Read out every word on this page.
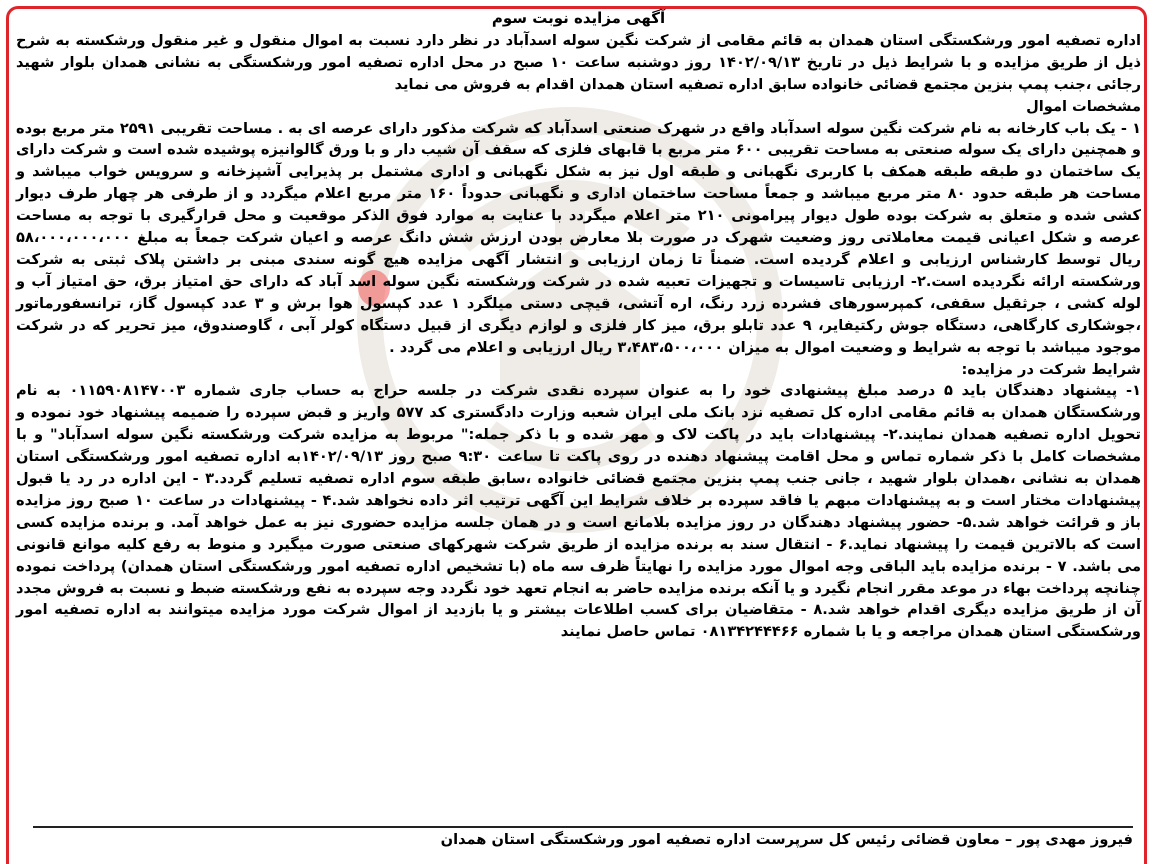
آگهی مزایده نوبت سوم

اداره تصفیه امور ورشکستگی استان همدان به قائم مقامی از شرکت نگین سوله اسدآباد در نظر دارد نسبت به اموال منقول و غیر منقول ورشکسته به شرح ذیل از طریق مزایده و با شرایط ذیل در تاریخ ۱۴۰۲/۰۹/۱۳ روز دوشنبه ساعت ۱۰ صبح در محل اداره تصفیه امور ورشکستگی به نشانی همدان بلوار شهید رجائی ،جنب پمپ بنزین مجتمع قضائی خانواده سابق اداره تصفیه استان همدان اقدام به فروش می نماید

مشخصات اموال

۱ - یک باب کارخانه به نام شرکت نگین سوله اسدآباد واقع در شهرک صنعتی اسدآباد که شرکت مذکور دارای عرصه ای به . مساحت تقریبی ۲۵۹۱ متر مربع بوده و همچنین دارای یک سوله صنعتی به مساحت تقریبی ۶۰۰ متر مربع با قابهای فلزی که سقف آن شیب دار و با ورق گالوانیزه پوشیده شده است و شرکت دارای یک ساختمان دو طبقه طبقه همکف با کاربری نگهبانی و طبقه اول نیز به شکل نگهبانی و اداری مشتمل بر پذیرایی آشپزخانه و سرویس خواب میباشد و مساحت هر طبقه حدود ۸۰ متر مربع میباشد و جمعاً مساحت ساختمان اداری و نگهبانی حدوداً ۱۶۰ متر مربع اعلام میگردد و از طرفی هر چهار طرف دیوار کشی شده و متعلق به شرکت بوده طول دیوار پیرامونی ۲۱۰ متر اعلام میگردد با عنایت به موارد فوق الذکر موقعیت و محل قرارگیری با توجه به مساحت عرصه و شکل اعیانی قیمت معاملاتی روز وضعیت شهرک در صورت بلا معارض بودن ارزش شش دانگ عرصه و اعیان شرکت جمعاً به مبلغ ۵۸،۰۰۰،۰۰۰،۰۰۰ ریال توسط کارشناس ارزیابی و اعلام گردیده است. ضمناً تا زمان ارزیابی و انتشار آگهی مزایده هیچ گونه سندی مبنی بر داشتن پلاک ثبتی به شرکت ورشکسته ارائه نگردیده است.۲- ارزیابی تاسیسات و تجهیزات تعبیه شده در شرکت ورشکسته نگین سوله اسد آباد که دارای حق امتیاز برق، حق امتیاز آب و لوله کشی ، جرثقیل سقفی، کمپرسورهای فشرده زرد رنگ، اره آتشی، قیچی دستی میلگرد ۱ عدد کپسول هوا برش و ۳ عدد کپسول گاز، ترانسفورماتور ،جوشکاری کارگاهی، دستگاه جوش رکتیفایر، ۹ عدد تابلو برق، میز کار فلزی و لوازم دیگری از قبیل دستگاه کولر آبی ، گاوصندوق، میز تحریر که در شرکت موجود میباشد با توجه به شرایط و وضعیت اموال به میزان ۳،۴۸۳،۵۰۰،۰۰۰ ریال ارزیابی و اعلام می گردد .

شرایط شرکت در مزایده:

۱- پیشنهاد دهندگان باید ۵ درصد مبلغ پیشنهادی خود را به عنوان سپرده نقدی شرکت در جلسه حراج به حساب جاری شماره ۰۱۱۵۹۰۸۱۴۷۰۰۳ به نام ورشکستگان همدان به قائم مقامی اداره کل تصفیه نزد بانک ملی ایران شعبه وزارت دادگستری کد ۵۷۷ واریز و قبض سپرده را ضمیمه پیشنهاد خود نموده و تحویل اداره تصفیه همدان نمایند.۲- پیشنهادات باید در پاکت لاک و مهر شده و با ذکر جمله:" مربوط به مزایده شرکت ورشکسته نگین سوله اسدآباد" و با مشخصات کامل با ذکر شماره تماس و محل اقامت پیشنهاد دهنده در روی پاکت تا ساعت ۹:۳۰ صبح روز ۱۴۰۲/۰۹/۱۳به اداره تصفیه امور ورشکستگی استان همدان به نشانی ،همدان بلوار شهید ، جانی جنب پمپ بنزین مجتمع قضائی خانواده ،سابق طبقه سوم اداره تصفیه تسلیم گردد.۳ - این اداره در رد یا قبول پیشنهادات مختار است و به پیشنهادات مبهم یا فاقد سپرده بر خلاف شرایط این آگهی ترتیب اثر داده نخواهد شد.۴ - پیشنهادات در ساعت ۱۰ صبح روز مزایده باز و قرائت خواهد شد.۵- حضور پیشنهاد دهندگان در روز مزایده بلامانع است و در همان جلسه مزایده حضوری نیز به عمل خواهد آمد. و برنده مزایده کسی است که بالاترین قیمت را پیشنهاد نماید.۶ - انتقال سند به برنده مزایده از طریق شرکت شهرکهای صنعتی صورت میگیرد و منوط به رفع کلیه موانع قانونی می باشد. ۷ - برنده مزایده باید الباقی وجه اموال مورد مزایده را نهایتاً ظرف سه ماه (با تشخیص اداره تصفیه امور ورشکستگی استان همدان) پرداخت نموده چنانچه پرداخت بهاء در موعد مقرر انجام نگیرد و یا آنکه برنده مزایده حاضر به انجام تعهد خود نگردد وجه سپرده به نفع ورشکسته ضبط و نسبت به فروش مجدد آن از طریق مزایده دیگری اقدام خواهد شد.۸ - متقاضیان برای کسب اطلاعات بیشتر و یا بازدید از اموال شرکت مورد مزایده میتوانند به اداره تصفیه امور ورشکستگی استان همدان مراجعه و یا با شماره ۰۸۱۳۴۲۴۴۴۶۶ تماس حاصل نمایند

فیروز مهدی پور – معاون قضائی رئیس کل سرپرست اداره تصفیه امور ورشکستگی استان همدان
